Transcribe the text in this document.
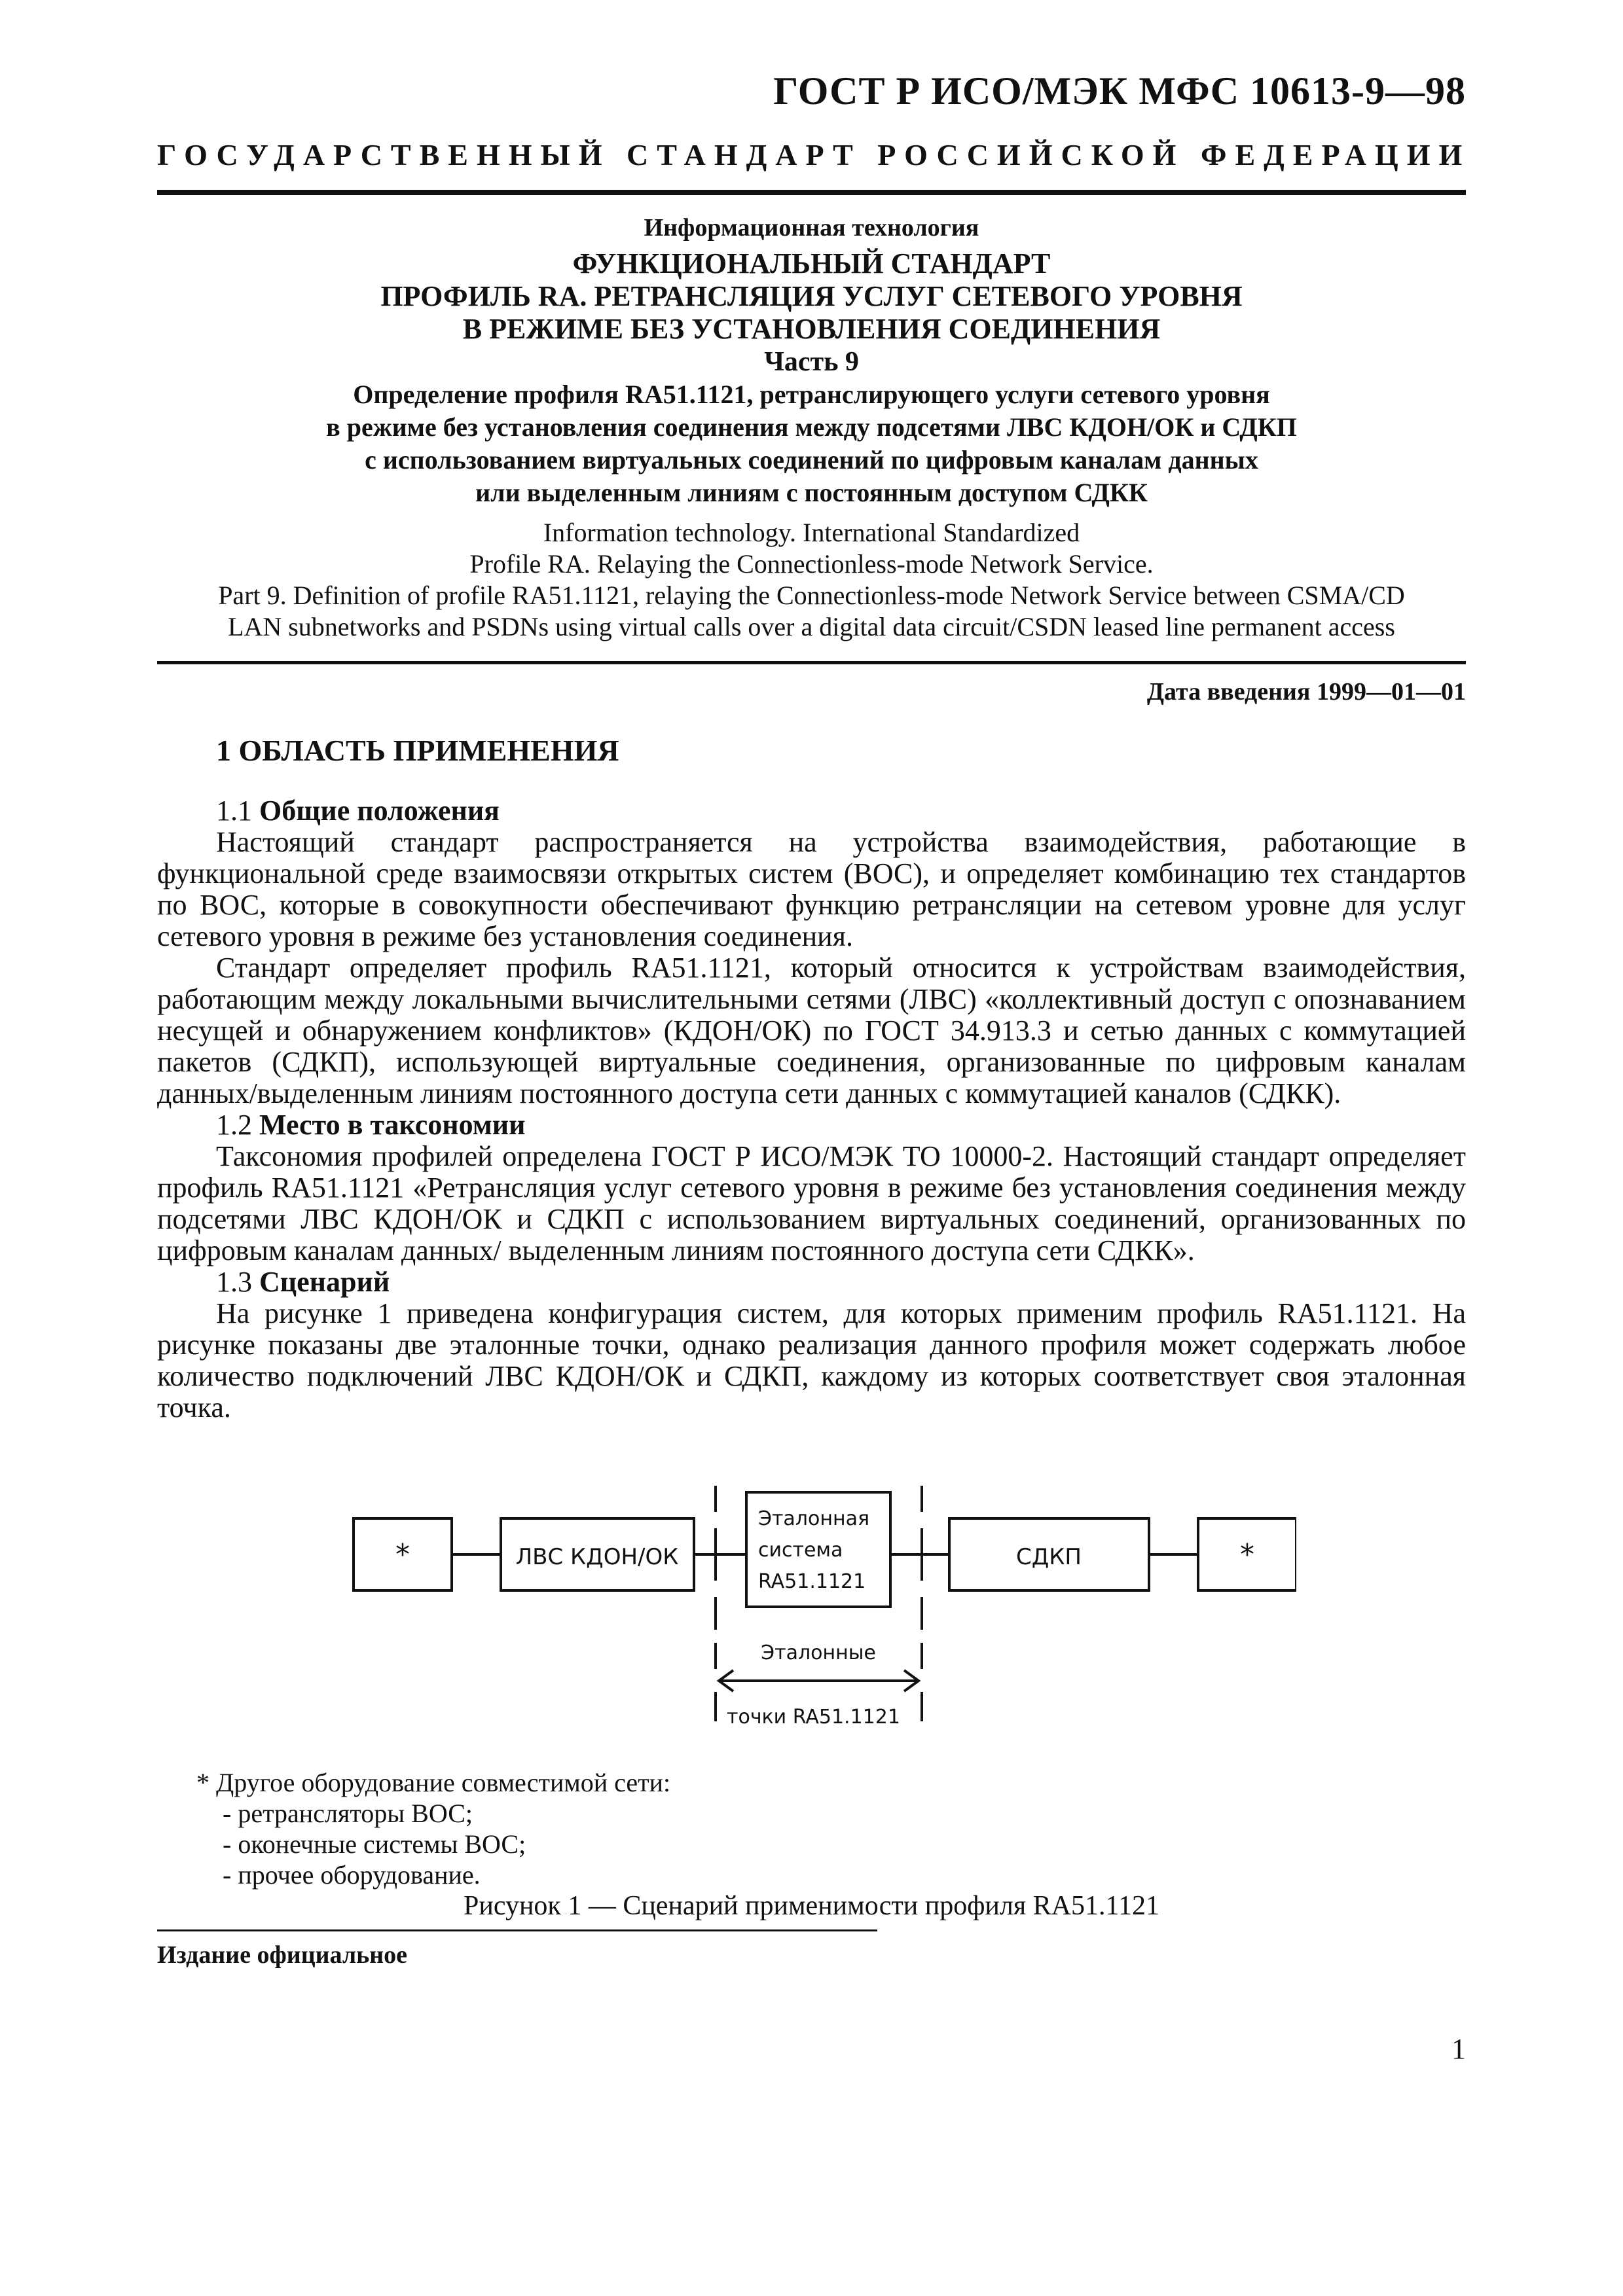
ГОСТ Р ИСО/МЭК МФС 10613-9—98
ГОСУДАРСТВЕННЫЙ СТАНДАРТ РОССИЙСКОЙ ФЕДЕРАЦИИ
Информационная технология
ФУНКЦИОНАЛЬНЫЙ СТАНДАРТ
ПРОФИЛЬ RA. РЕТРАНСЛЯЦИЯ УСЛУГ СЕТЕВОГО УРОВНЯ
В РЕЖИМЕ БЕЗ УСТАНОВЛЕНИЯ СОЕДИНЕНИЯ
Часть 9
Определение профиля RA51.1121, ретранслирующего услуги сетевого уровня
в режиме без установления соединения между подсетями ЛВС КДОН/ОК и СДКП
с использованием виртуальных соединений по цифровым каналам данных
или выделенным линиям с постоянным доступом СДКК
Information technology. International Standardized
Profile RA. Relaying the Connectionless-mode Network Service.
Part 9. Definition of profile RA51.1121, relaying the Connectionless-mode Network Service between CSMA/CD
LAN subnetworks and PSDNs using virtual calls over a digital data circuit/CSDN leased line permanent access
Дата введения 1999—01—01
1 ОБЛАСТЬ ПРИМЕНЕНИЯ
1.1 Общие положения

Настоящий стандарт распространяется на устройства взаимодействия, работающие в функциональной среде взаимосвязи открытых систем (ВОС), и определяет комбинацию тех стандартов по ВОС, которые в совокупности обеспечивают функцию ретрансляции на сетевом уровне для услуг сетевого уровня в режиме без установления соединения.

Стандарт определяет профиль RA51.1121, который относится к устройствам взаимодействия, работающим между локальными вычислительными сетями (ЛВС) «коллективный доступ с опознаванием несущей и обнаружением конфликтов» (КДОН/ОК) по ГОСТ 34.913.3 и сетью данных с коммутацией пакетов (СДКП), использующей виртуальные соединения, организованные по цифровым каналам данных/выделенным линиям постоянного доступа сети данных с коммутацией каналов (СДКК).

1.2 Место в таксономии

Таксономия профилей определена ГОСТ Р ИСО/МЭК ТО 10000-2. Настоящий стандарт определяет профиль RA51.1121 «Ретрансляция услуг сетевого уровня в режиме без установления соединения между подсетями ЛВС КДОН/ОК и СДКП с использованием виртуальных соединений, организованных по цифровым каналам данных/ выделенным линиям постоянного доступа сети СДКК».

1.3 Сценарий

На рисунке 1 приведена конфигурация систем, для которых применим профиль RA51.1121. На рисунке показаны две эталонные точки, однако реализация данного профиля может содержать любое количество подключений ЛВС КДОН/ОК и СДКП, каждому из которых соответствует своя эталонная точка.

*	ЛВС КДОН/ОК
Эталонная
система
RA51.1121
СДКП	*
Эталонные
точки RA51.1121
* Другое оборудование совместимой сети:
- ретрансляторы ВОС;
- оконечные системы ВОС;
- прочее оборудование.
Рисунок 1 — Сценарий применимости профиля RA51.1121
Издание официальное
1
